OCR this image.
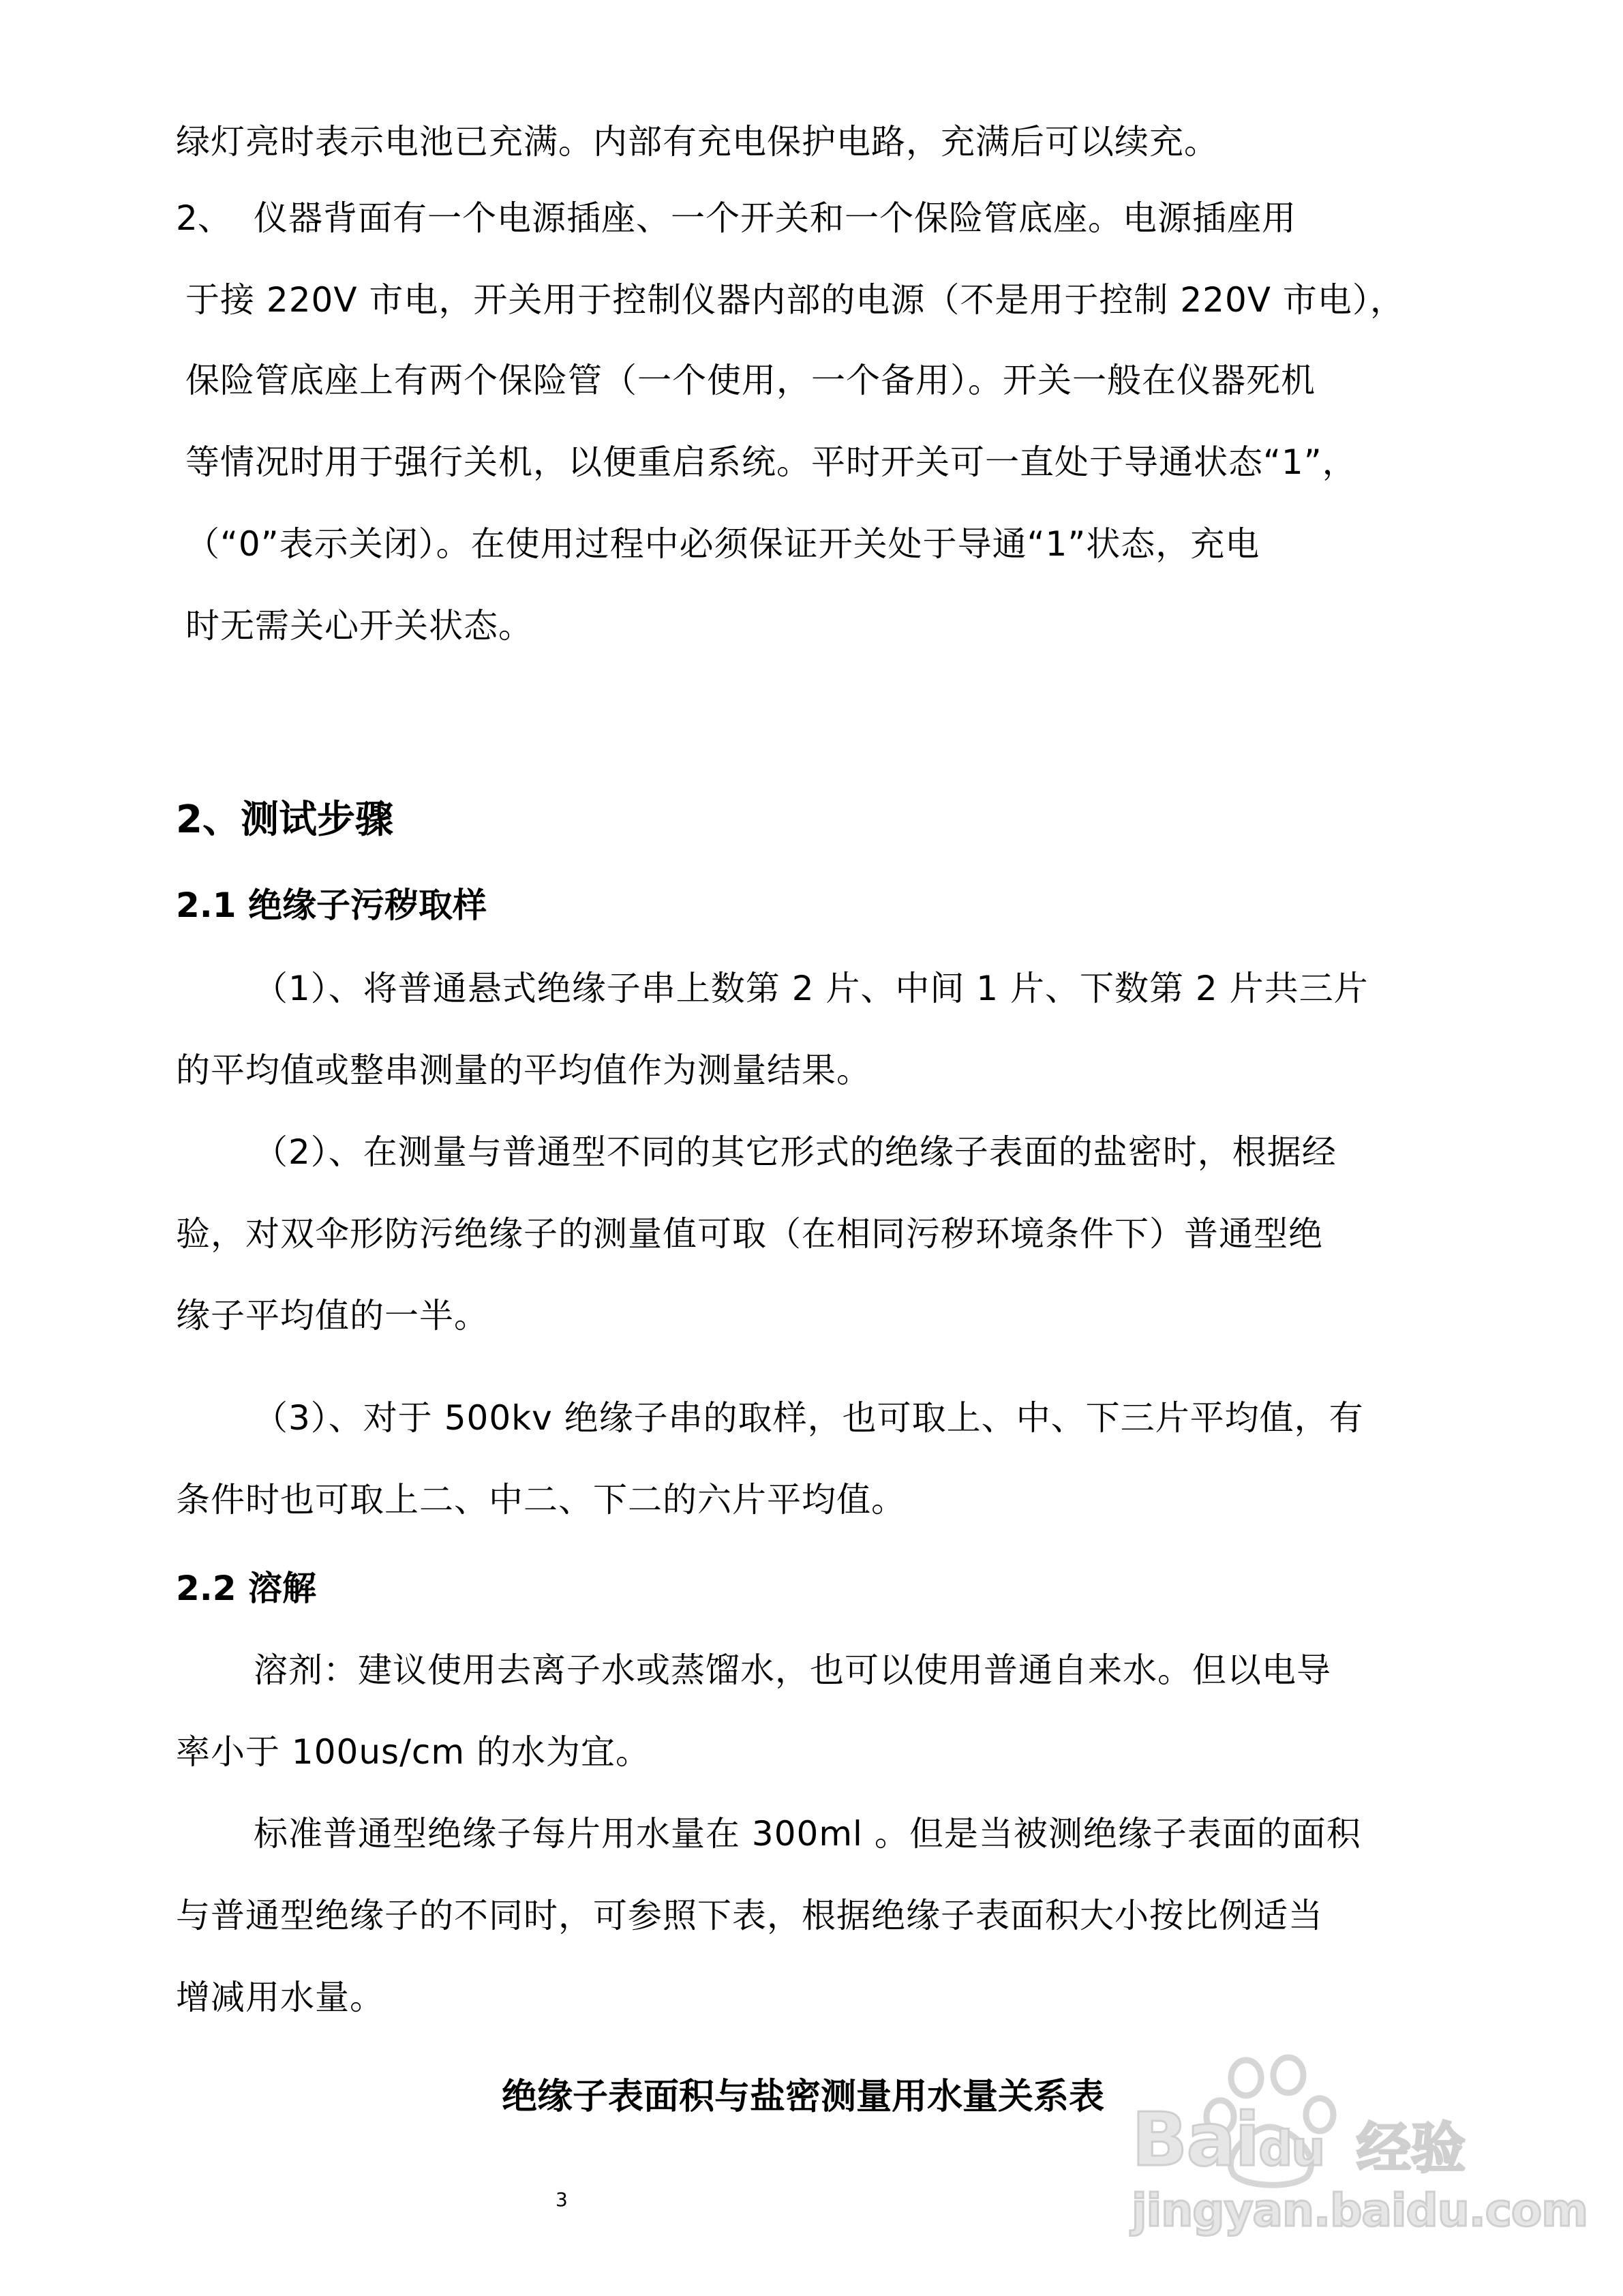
绿灯亮时表示电池已充满。内部有充电保护电路，充满后可以续充。
2、 仪器背面有一个电源插座、一个开关和一个保险管底座。电源插座用
于接 220V 市电，开关用于控制仪器内部的电源（不是用于控制 220V 市电），
保险管底座上有两个保险管（一个使用，一个备用）。开关一般在仪器死机
等情况时用于强行关机，以便重启系统。平时开关可一直处于导通状态“1”，
（“0”表示关闭）。在使用过程中必须保证开关处于导通“1”状态，充电
时无需关心开关状态。
2、测试步骤
2.1 绝缘子污秽取样
（1）、将普通悬式绝缘子串上数第 2 片、中间 1 片、下数第 2 片共三片
的平均值或整串测量的平均值作为测量结果。
（2）、在测量与普通型不同的其它形式的绝缘子表面的盐密时，根据经
验，对双伞形防污绝缘子的测量值可取（在相同污秽环境条件下）普通型绝
缘子平均值的一半。
（3）、对于 500kv 绝缘子串的取样，也可取上、中、下三片平均值，有
条件时也可取上二、中二、下二的六片平均值。
2.2 溶解
溶剂：建议使用去离子水或蒸馏水，也可以使用普通自来水。但以电导
率小于 100us/cm 的水为宜。
标准普通型绝缘子每片用水量在 300ml 。但是当被测绝缘子表面的面积
与普通型绝缘子的不同时，可参照下表，根据绝缘子表面积大小按比例适当
增减用水量。
绝缘子表面积与盐密测量用水量关系表
3
Baidu 经验
jingyan.baidu.com
